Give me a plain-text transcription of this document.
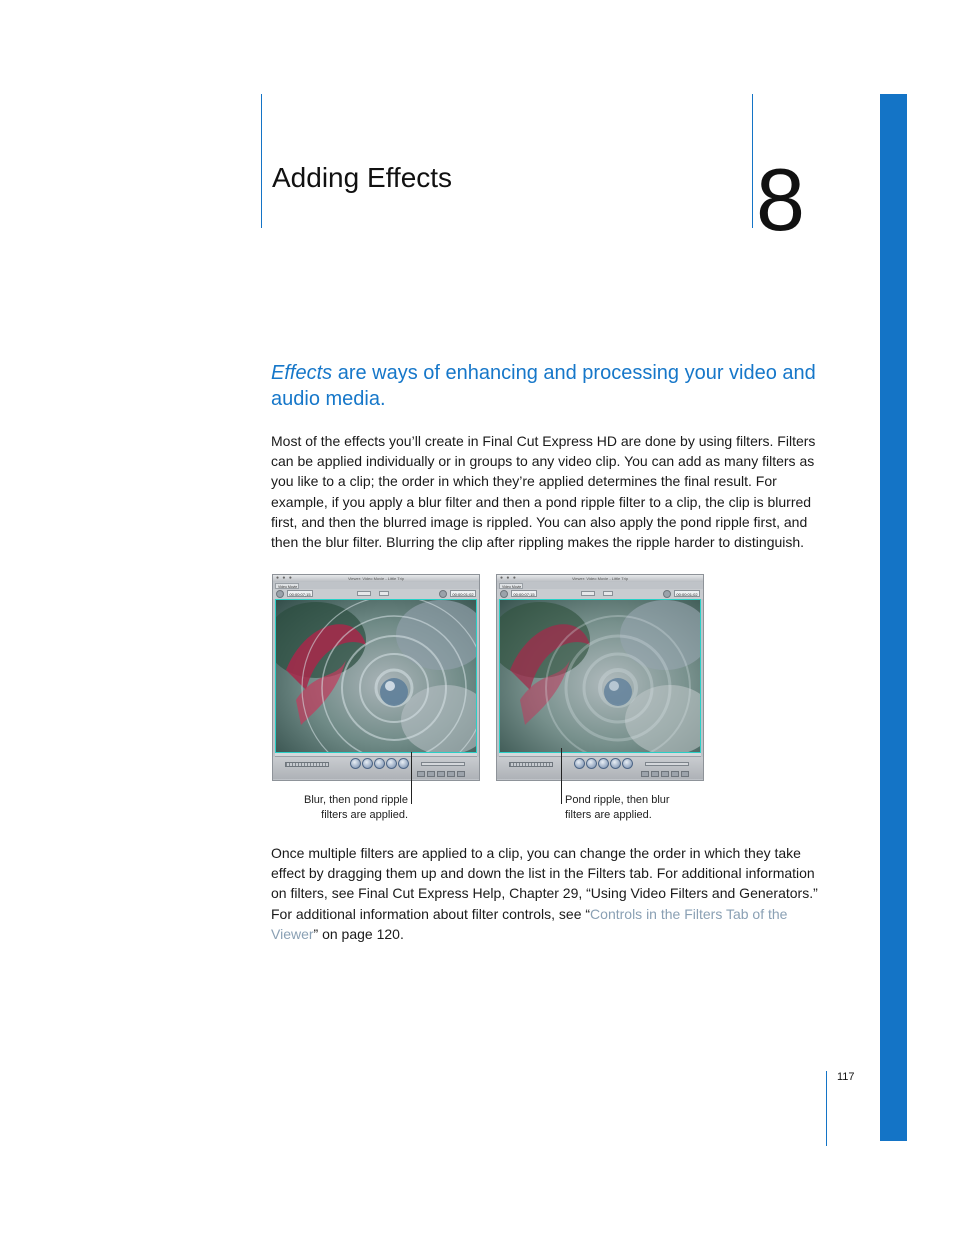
Adding Effects	8
Effects are ways of enhancing and processing your video and audio media.
Most of the effects you’ll create in Final Cut Express HD are done by using filters. Filters can be applied individually or in groups to any video clip. You can add as many filters as you like to a clip; the order in which they’re applied determines the final result. For example, if you apply a blur filter and then a pond ripple filter to a clip, the clip is blurred first, and then the blurred image is rippled. You can also apply the pond ripple first, and then the blur filter. Blurring the clip after rippling makes the ripple harder to distinguish.
● ● ●	Viewer: Video Movie - Little Trip
Video Movie
00:00:07;15	00:00:01;02
● ● ●	Viewer: Video Movie - Little Trip
Video Movie
00:00:07;15	00:00:01;02
Blur, then pond ripple
filters are applied.
Pond ripple, then blur
filters are applied.
Once multiple filters are applied to a clip, you can change the order in which they take effect by dragging them up and down the list in the Filters tab. For additional information on filters, see Final Cut Express Help, Chapter 29, “Using Video Filters and Generators.” For additional information about filter controls, see “Controls in the Filters Tab of the Viewer” on page 120.
117
